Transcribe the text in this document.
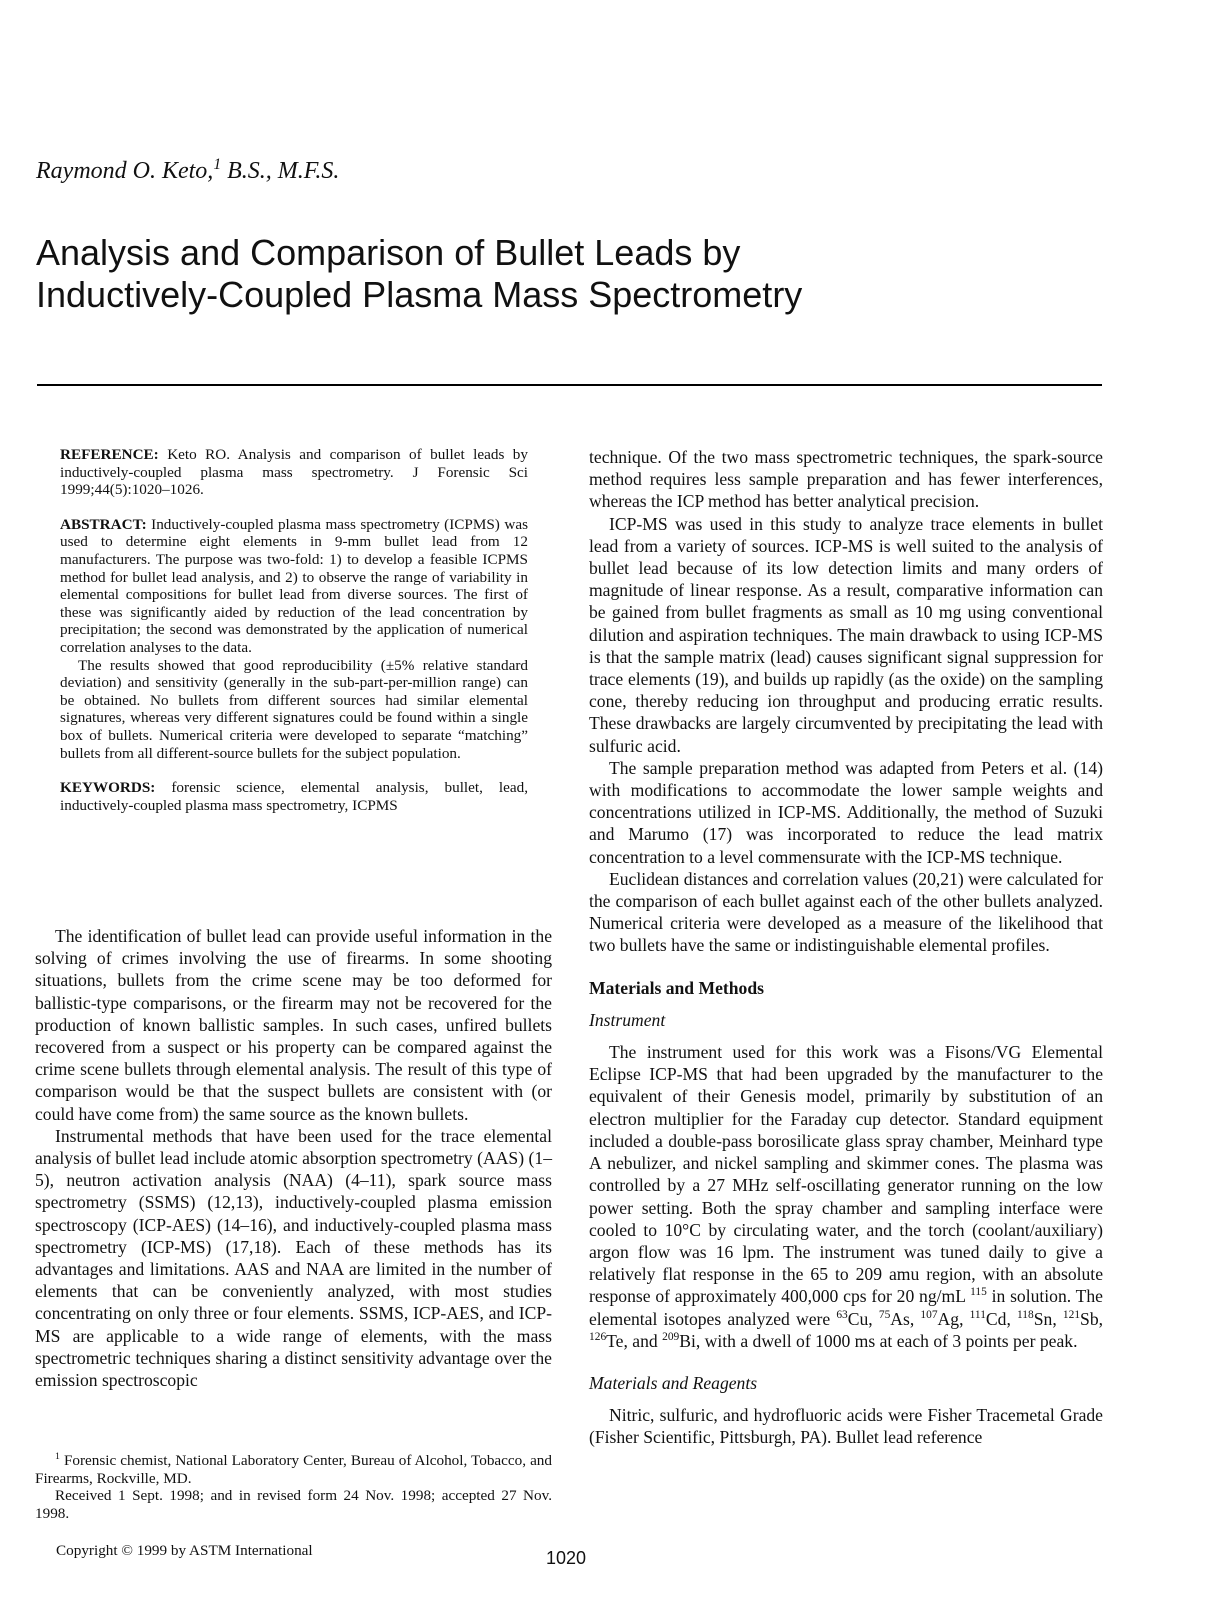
Raymond O. Keto,$^1$ B.S., M.F.S.
Analysis and Comparison of Bullet Leads by
Inductively-Coupled Plasma Mass Spectrometry

REFERENCE: Keto RO. Analysis and comparison of bullet leads by inductively-coupled plasma mass spectrometry. J Forensic Sci 1999;44(5):1020–1026.

ABSTRACT: Inductively-coupled plasma mass spectrometry (ICPMS) was used to determine eight elements in 9-mm bullet lead from 12 manufacturers. The purpose was two-fold: 1) to develop a feasible ICPMS method for bullet lead analysis, and 2) to observe the range of variability in elemental compositions for bullet lead from diverse sources. The first of these was significantly aided by reduction of the lead concentration by precipitation; the second was demonstrated by the application of numerical correlation analyses to the data.

The results showed that good reproducibility (±5% relative standard deviation) and sensitivity (generally in the sub-part-per-million range) can be obtained. No bullets from different sources had similar elemental signatures, whereas very different signatures could be found within a single box of bullets. Numerical criteria were developed to separate “matching” bullets from all different-source bullets for the subject population.

KEYWORDS: forensic science, elemental analysis, bullet, lead, inductively-coupled plasma mass spectrometry, ICPMS

The identification of bullet lead can provide useful information in the solving of crimes involving the use of firearms. In some shooting situations, bullets from the crime scene may be too deformed for ballistic-type comparisons, or the firearm may not be recovered for the production of known ballistic samples. In such cases, unfired bullets recovered from a suspect or his property can be compared against the crime scene bullets through elemental analysis. The result of this type of comparison would be that the suspect bullets are consistent with (or could have come from) the same source as the known bullets.

Instrumental methods that have been used for the trace elemental analysis of bullet lead include atomic absorption spectrometry (AAS) (1–5), neutron activation analysis (NAA) (4–11), spark source mass spectrometry (SSMS) (12,13), inductively-coupled plasma emission spectroscopy (ICP-AES) (14–16), and inductively-coupled plasma mass spectrometry (ICP-MS) (17,18). Each of these methods has its advantages and limitations. AAS and NAA are limited in the number of elements that can be conveniently analyzed, with most studies concentrating on only three or four elements. SSMS, ICP-AES, and ICP-MS are applicable to a wide range of elements, with the mass spectrometric techniques sharing a distinct sensitivity advantage over the emission spectroscopic

technique. Of the two mass spectrometric techniques, the spark-source method requires less sample preparation and has fewer interferences, whereas the ICP method has better analytical precision.

ICP-MS was used in this study to analyze trace elements in bullet lead from a variety of sources. ICP-MS is well suited to the analysis of bullet lead because of its low detection limits and many orders of magnitude of linear response. As a result, comparative information can be gained from bullet fragments as small as 10 mg using conventional dilution and aspiration techniques. The main drawback to using ICP-MS is that the sample matrix (lead) causes significant signal suppression for trace elements (19), and builds up rapidly (as the oxide) on the sampling cone, thereby reducing ion throughput and producing erratic results. These drawbacks are largely circumvented by precipitating the lead with sulfuric acid.

The sample preparation method was adapted from Peters et al. (14) with modifications to accommodate the lower sample weights and concentrations utilized in ICP-MS. Additionally, the method of Suzuki and Marumo (17) was incorporated to reduce the lead matrix concentration to a level commensurate with the ICP-MS technique.

Euclidean distances and correlation values (20,21) were calculated for the comparison of each bullet against each of the other bullets analyzed. Numerical criteria were developed as a measure of the likelihood that two bullets have the same or indistinguishable elemental profiles.

Materials and Methods

Instrument

The instrument used for this work was a Fisons/VG Elemental Eclipse ICP-MS that had been upgraded by the manufacturer to the equivalent of their Genesis model, primarily by substitution of an electron multiplier for the Faraday cup detector. Standard equipment included a double-pass borosilicate glass spray chamber, Meinhard type A nebulizer, and nickel sampling and skimmer cones. The plasma was controlled by a 27 MHz self-oscillating generator running on the low power setting. Both the spray chamber and sampling interface were cooled to 10°C by circulating water, and the torch (coolant/auxiliary) argon flow was 16 lpm. The instrument was tuned daily to give a relatively flat response in the 65 to 209 amu region, with an absolute response of approximately 400,000 cps for 20 ng/mL $^{115}$ in solution. The elemental isotopes analyzed were $^{63}$Cu, $^{75}$As, $^{107}$Ag, $^{111}$Cd, $^{118}$Sn, $^{121}$Sb, $^{126}$Te, and $^{209}$Bi, with a dwell of 1000 ms at each of 3 points per peak.

Materials and Reagents

Nitric, sulfuric, and hydrofluoric acids were Fisher Tracemetal Grade (Fisher Scientific, Pittsburgh, PA). Bullet lead reference

$^1$ Forensic chemist, National Laboratory Center, Bureau of Alcohol, Tobacco, and Firearms, Rockville, MD.

Received 1 Sept. 1998; and in revised form 24 Nov. 1998; accepted 27 Nov. 1998.

Copyright © 1999 by ASTM International	1020
